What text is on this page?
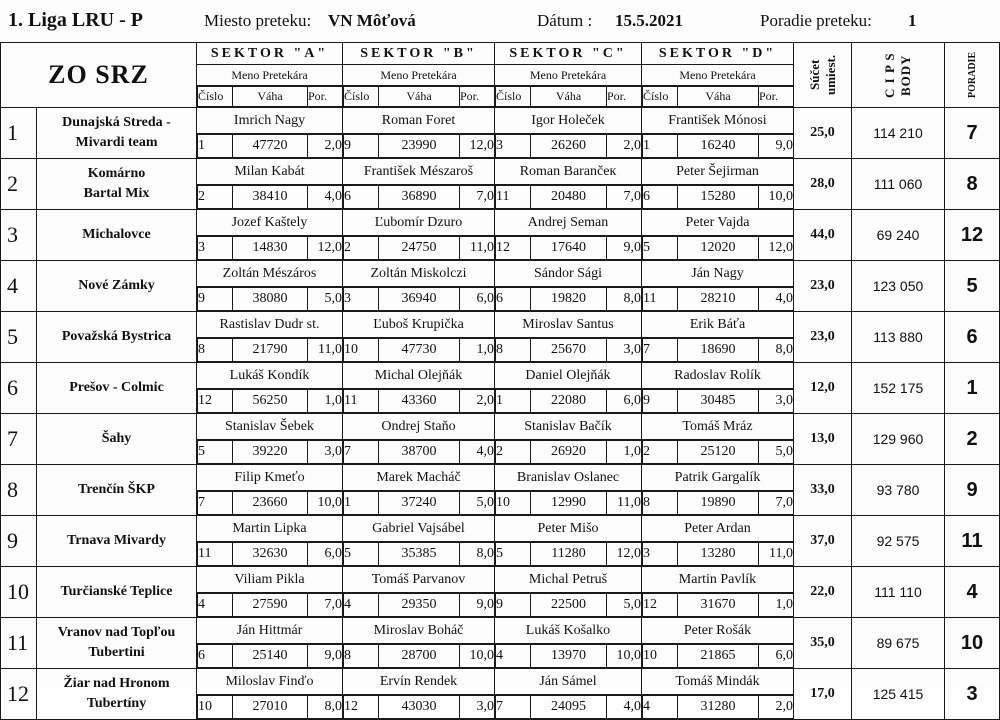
1. Liga LRU - P	Miesto preteku: VN Môťová	Dátum : 15.5.2021	Poradie preteku: 1
ZO SRZ	
SEKTOR "A"
Meno Pretekára
Číslo	Váha	Por.

SEKTOR "B"
Meno Pretekára
Číslo	Váha	Por.

SEKTOR "C"
Meno Pretekára
Číslo	Váha	Por.

SEKTOR "D"
Meno Pretekára
Číslo	Váha	Por.

Súčet umiest.	C I P S BODY	PORADIE

1	Dunajská Streda -
Mivardi team

Imrich Nagy
1	47720	2,0

Roman Foret
9	23990	12,0

Igor Holeček
3	26260	2,0

František Mónosi
1	16240	9,0
	25,0	114 210	7
2	Komárno
Bartal Mix

Milan Kabát
2	38410	4,0

František Mészaroš
6	36890	7,0

Roman Barančeк
11	20480	7,0

Peter Šejirman
6	15280	10,0
	28,0	111 060	8
3	Michalovce

Jozef Kaštely
3	14830	12,0

Ľubomír Dzuro
2	24750	11,0

Andrej Seman
12	17640	9,0

Peter Vajda
5	12020	12,0
	44,0	69 240	12
4	Nové Zámky

Zoltán Mészáros
9	38080	5,0

Zoltán Miskolczi
3	36940	6,0

Sándor Sági
6	19820	8,0

Ján Nagy
11	28210	4,0
	23,0	123 050	5
5	Považská Bystrica

Rastislav Dudr st.
8	21790	11,0

Ľuboš Krupička
10	47730	1,0

Miroslav Santus
8	25670	3,0

Erik Báťa
7	18690	8,0
	23,0	113 880	6
6	Prešov - Colmic

Lukáš Kondík
12	56250	1,0

Michal Olejňák
11	43360	2,0

Daniel Olejňák
1	22080	6,0

Radoslav Rolík
9	30485	3,0
	12,0	152 175	1
7	Šahy

Stanislav Šebek
5	39220	3,0

Ondrej Staňo
7	38700	4,0

Stanislav Bačík
2	26920	1,0

Tomáš Mráz
2	25120	5,0
	13,0	129 960	2
8	Trenčín ŠKP

Filip Kmeťo
7	23660	10,0

Marek Macháč
1	37240	5,0

Branislav Oslanec
10	12990	11,0

Patrik Gargalík
8	19890	7,0
	33,0	93 780	9
9	Trnava Mivardy

Martin Lipka
11	32630	6,0

Gabriel Vajsábel
5	35385	8,0

Peter Mišo
5	11280	12,0

Peter Ardan
3	13280	11,0
	37,0	92 575	11
10	Turčianské Teplice

Viliam Pikla
4	27590	7,0

Tomáš Parvanov
4	29350	9,0

Michal Petruš
9	22500	5,0

Martin Pavlík
12	31670	1,0
	22,0	111 110	4
11	Vranov nad Topľou
Tubertini

Ján Hittmár
6	25140	9,0

Miroslav Boháč
8	28700	10,0

Lukáš Košalko
4	13970	10,0

Peter Rošák
10	21865	6,0
	35,0	89 675	10
12	Žiar nad Hronom
Tubertíny

Miloslav Finďo
10	27010	8,0

Ervín Rendek
12	43030	3,0

Ján Sámel
7	24095	4,0

Tomáš Mindák
4	31280	2,0
	17,0	125 415	3
